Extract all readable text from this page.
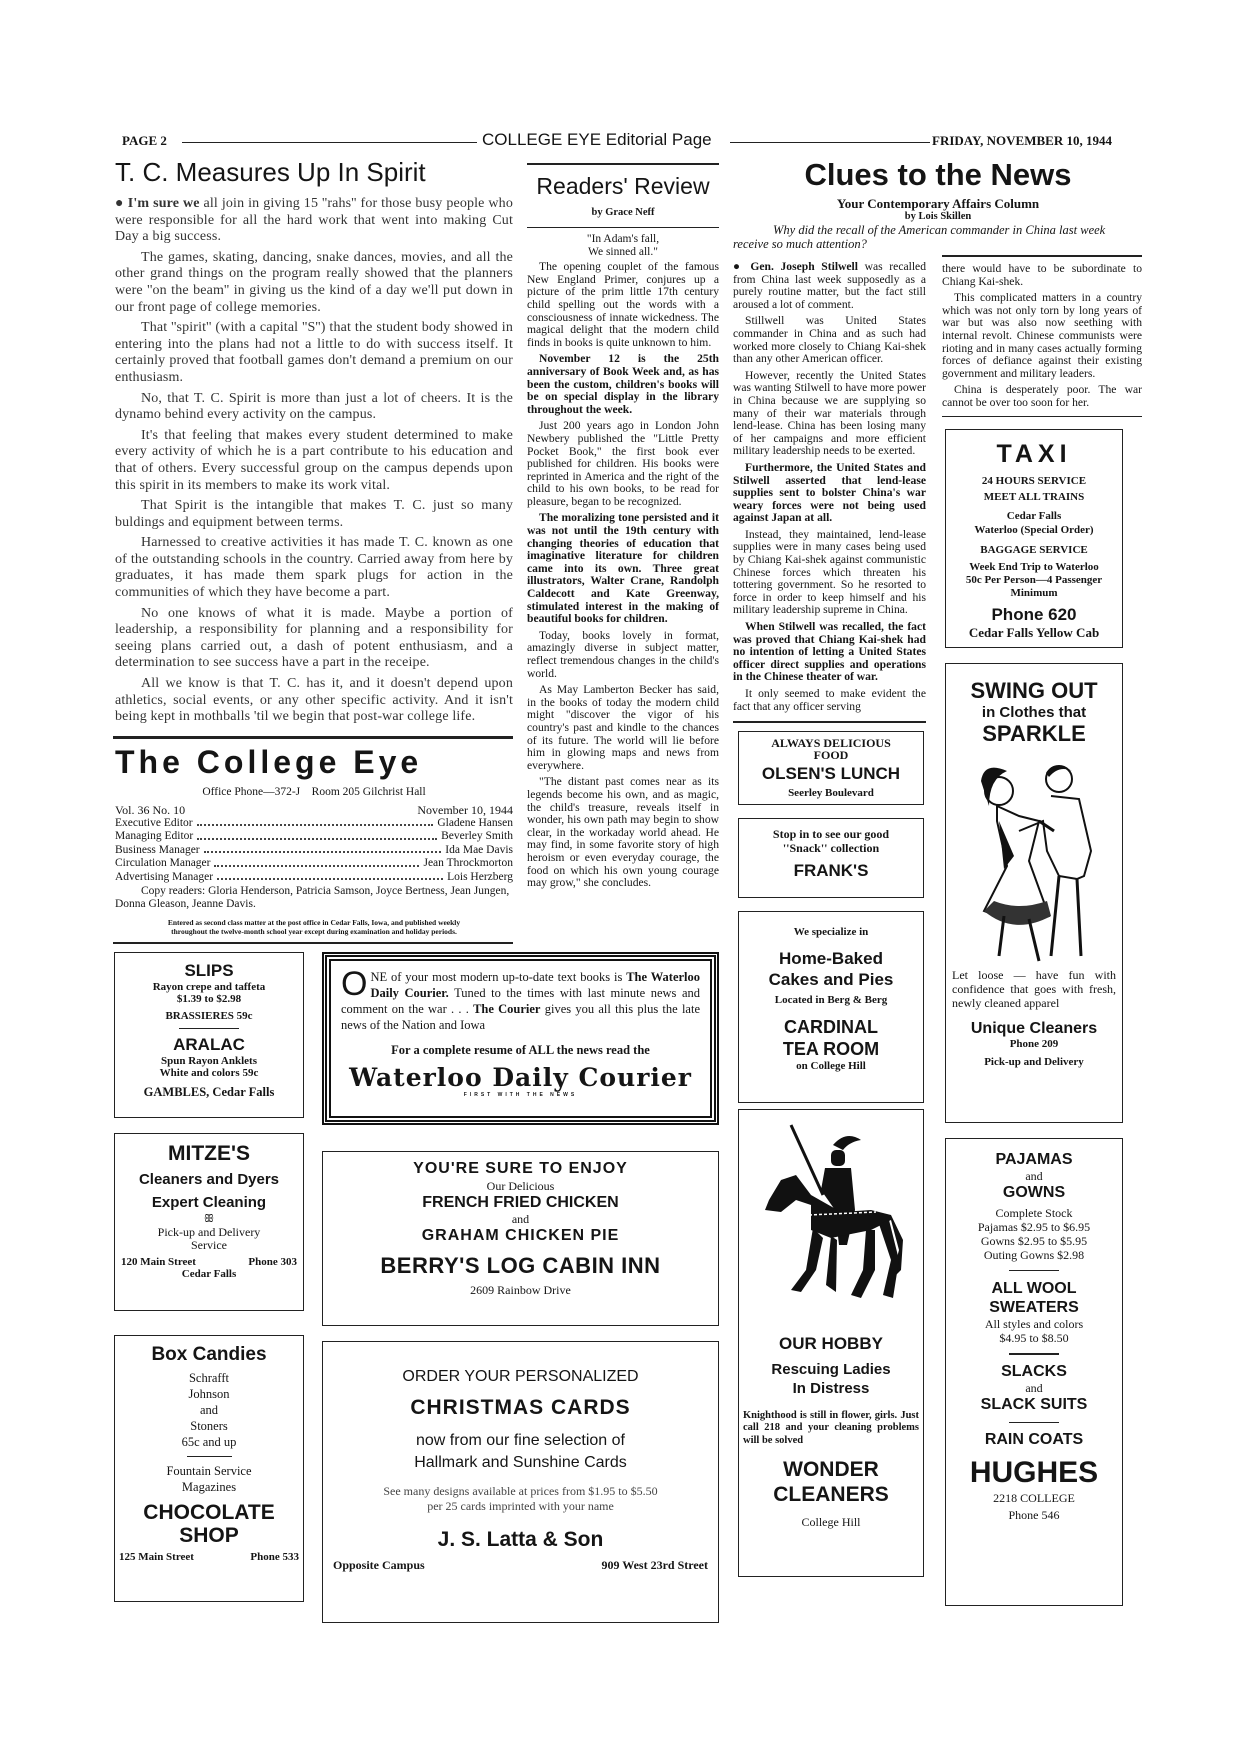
PAGE 2	COLLEGE EYE Editorial Page	FRIDAY, NOVEMBER 10, 1944
T. C. Measures Up In Spirit

● I'm sure we all join in giving 15 ''rahs'' for those busy people who were responsible for all the hard work that went into making Cut Day a big success.

The games, skating, dancing, snake dances, movies, and all the other grand things on the program really showed that the planners were ''on the beam'' in giving us the kind of a day we'll put down in our front page of college memories.

That ''spirit'' (with a capital ''S'') that the student body showed in entering into the plans had not a little to do with success itself. It certainly proved that football games don't demand a premium on our enthusiasm.

No, that T. C. Spirit is more than just a lot of cheers. It is the dynamo behind every activity on the campus.

It's that feeling that makes every student determined to make every activity of which he is a part contribute to his education and that of others. Every successful group on the campus depends upon this spirit in its members to make its work vital.

That Spirit is the intangible that makes T. C. just so many buldings and equipment between terms.

Harnessed to creative activities it has made T. C. known as one of the outstanding schools in the country. Carried away from here by graduates, it has made them spark plugs for action in the communities of which they have become a part.

No one knows of what it is made. Maybe a portion of leadership, a responsibility for planning and a responsibility for seeing plans carried out, a dash of potent enthusiasm, and a determination to see success have a part in the receipe.

All we know is that T. C. has it, and it doesn't depend upon athletics, social events, or any other specific activity. And it isn't being kept in mothballs 'til we begin that post-war college life.

The College Eye
Office Phone—372-J    Room 205 Gilchrist Hall
Vol. 36 No. 10	November 10, 1944
Executive Editor	Gladene Hansen
Managing Editor	Beverley Smith
Business Manager	Ida Mae Davis
Circulation Manager	Jean Throckmorton
Advertising Manager	Lois Herzberg
Copy readers: Gloria Henderson, Patricia Samson, Joyce Bertness, Jean Jungen, Donna Gleason, Jeanne Davis.
Entered as second class matter at the post office in Cedar Falls, Iowa, and published weekly throughout the twelve-month school year except during examination and holiday periods.
Readers' Review
by Grace Neff
"In Adam's fall,
We sinned all."

The opening couplet of the famous New England Primer, conjures up a picture of the prim little 17th century child spelling out the words with a consciousness of innate wickedness. The magical delight that the modern child finds in books is quite unknown to him.

November 12 is the 25th anniversary of Book Week and, as has been the custom, children's books will be on special display in the library throughout the week.

Just 200 years ago in London John Newbery published the "Little Pretty Pocket Book," the first book ever published for children. His books were reprinted in America and the right of the child to his own books, to be read for pleasure, began to be recognized.

The moralizing tone persisted and it was not until the 19th century with changing theories of education that imaginative literature for children came into its own. Three great illustrators, Walter Crane, Randolph Caldecott and Kate Greenway, stimulated interest in the making of beautiful books for children.

Today, books lovely in format, amazingly diverse in subject matter, reflect tremendous changes in the child's world.

As May Lamberton Becker has said, in the books of today the modern child might "discover the vigor of his country's past and kindle to the chances of its future. The world will lie before him in glowing maps and news from everywhere.

"The distant past comes near as its legends become his own, and as magic, the child's treasure, reveals itself in wonder, his own path may begin to show clear, in the workaday world ahead. He may find, in some favorite story of high heroism or even everyday courage, the food on which his own young courage may grow," she concludes.

SLIPS
Rayon crepe and taffeta
$1.39 to $2.98
BRASSIERES 59c
ARALAC
Spun Rayon Anklets
White and colors 59c
GAMBLES, Cedar Falls
MITZE'S
Cleaners and Dyers
Expert Cleaning
ꕥ
Pick-up and Delivery
Service
120 Main Street	Phone 303
Cedar Falls
Box Candies
Schrafft
Johnson
and
Stoners
65c and up
Fountain Service
Magazines
CHOCOLATE
SHOP
125 Main Street	Phone 533
ONE of your most modern up-to-date text books is The Waterloo Daily Courier. Tuned to the times with last minute news and comment on the war . . . The Courier gives you all this plus the late news of the Nation and Iowa
For a complete resume of ALL the news read the
Waterloo Daily Courier
FIRST WITH THE NEWS
YOU'RE SURE TO ENJOY
Our Delicious
FRENCH FRIED CHICKEN
and
GRAHAM CHICKEN PIE
BERRY'S LOG CABIN INN
2609 Rainbow Drive
ORDER YOUR PERSONALIZED
CHRISTMAS CARDS
now from our fine selection of
Hallmark and Sunshine Cards
See many designs available at prices from $1.95 to $5.50
per 25 cards imprinted with your name
J. S. Latta & Son
Opposite Campus	909 West 23rd Street
Clues to the News
Your Contemporary Affairs Column
by Lois Skillen
Why did the recall of the American commander in China last week receive so much attention?

● Gen. Joseph Stilwell was recalled from China last week supposedly as a purely routine matter, but the fact still aroused a lot of comment.

Stillwell was United States commander in China and as such had worked more closely to Chiang Kai-shek than any other American officer.

However, recently the United States was wanting Stilwell to have more power in China because we are supplying so many of their war materials through lend-lease. China has been losing many of her campaigns and more efficient military leadership needs to be exerted.

Furthermore, the United States and Stilwell asserted that lend-lease supplies sent to bolster China's war weary forces were not being used against Japan at all.

Instead, they maintained, lend-lease supplies were in many cases being used by Chiang Kai-shek against communistic Chinese forces which threaten his tottering government. So he resorted to force in order to keep himself and his military leadership supreme in China.

When Stilwell was recalled, the fact was proved that Chiang Kai-shek had no intention of letting a United States officer direct supplies and operations in the Chinese theater of war.

It only seemed to make evident the fact that any officer serving

ALWAYS DELICIOUS
FOOD
OLSEN'S LUNCH
Seerley Boulevard
Stop in to see our good
''Snack'' collection
FRANK'S
We specialize in
Home-Baked
Cakes and Pies
Located in Berg & Berg
CARDINAL
TEA ROOM
on College Hill
OUR HOBBY
Rescuing Ladies
In Distress
Knighthood is still in flower, girls. Just call 218 and your cleaning problems will be solved
WONDER
CLEANERS
College Hill

there would have to be subordinate to Chiang Kai-shek.

This complicated matters in a country which was not only torn by long years of war but was also now seething with internal revolt. Chinese communists were rioting and in many cases actually forming forces of defiance against their existing government and military leaders.

China is desperately poor. The war cannot be over too soon for her.

TAXI
24 HOURS SERVICE
MEET ALL TRAINS
Cedar Falls
Waterloo (Special Order)
BAGGAGE SERVICE
Week End Trip to Waterloo
50c Per Person—4 Passenger
Minimum
Phone 620
Cedar Falls Yellow Cab
SWING OUT
in Clothes that
SPARKLE
Let loose — have fun with confidence that goes with fresh, newly cleaned apparel
Unique Cleaners
Phone 209
Pick-up and Delivery
PAJAMAS
and
GOWNS
Complete Stock
Pajamas $2.95 to $6.95
Gowns $2.95 to $5.95
Outing Gowns $2.98
ALL WOOL
SWEATERS
All styles and colors
$4.95 to $8.50
SLACKS
and
SLACK SUITS
RAIN COATS
HUGHES
2218 COLLEGE
Phone 546
